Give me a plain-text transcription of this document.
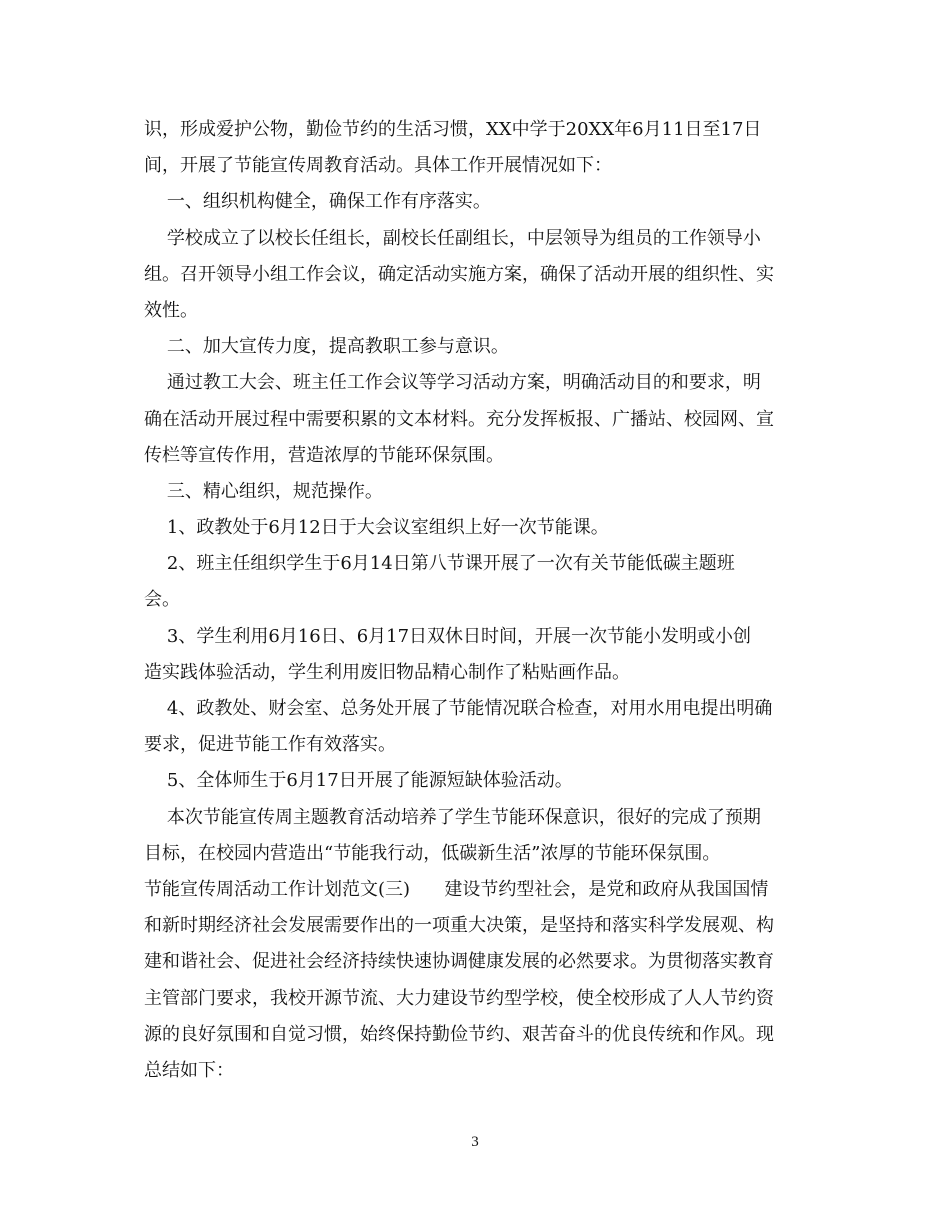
识，形成爱护公物，勤俭节约的生活习惯，XX中学于20XX年6月11日至17日
间，开展了节能宣传周教育活动。具体工作开展情况如下：
一、组织机构健全，确保工作有序落实。
学校成立了以校长任组长，副校长任副组长，中层领导为组员的工作领导小
组。召开领导小组工作会议，确定活动实施方案，确保了活动开展的组织性、实
效性。
二、加大宣传力度，提高教职工参与意识。
通过教工大会、班主任工作会议等学习活动方案，明确活动目的和要求，明
确在活动开展过程中需要积累的文本材料。充分发挥板报、广播站、校园网、宣
传栏等宣传作用，营造浓厚的节能环保氛围。
三、精心组织，规范操作。
1、政教处于6月12日于大会议室组织上好一次节能课。
2、班主任组织学生于6月14日第八节课开展了一次有关节能低碳主题班
会。
3、学生利用6月16日、6月17日双休日时间，开展一次节能小发明或小创
造实践体验活动，学生利用废旧物品精心制作了粘贴画作品。
4、政教处、财会室、总务处开展了节能情况联合检查，对用水用电提出明确
要求，促进节能工作有效落实。
5、全体师生于6月17日开展了能源短缺体验活动。
本次节能宣传周主题教育活动培养了学生节能环保意识，很好的完成了预期
目标，在校园内营造出“节能我行动，低碳新生活”浓厚的节能环保氛围。
节能宣传周活动工作计划范文(三)      建设节约型社会，是党和政府从我国国情
和新时期经济社会发展需要作出的一项重大决策，是坚持和落实科学发展观、构
建和谐社会、促进社会经济持续快速协调健康发展的必然要求。为贯彻落实教育
主管部门要求，我校开源节流、大力建设节约型学校，使全校形成了人人节约资
源的良好氛围和自觉习惯，始终保持勤俭节约、艰苦奋斗的优良传统和作风。现
总结如下：
3
